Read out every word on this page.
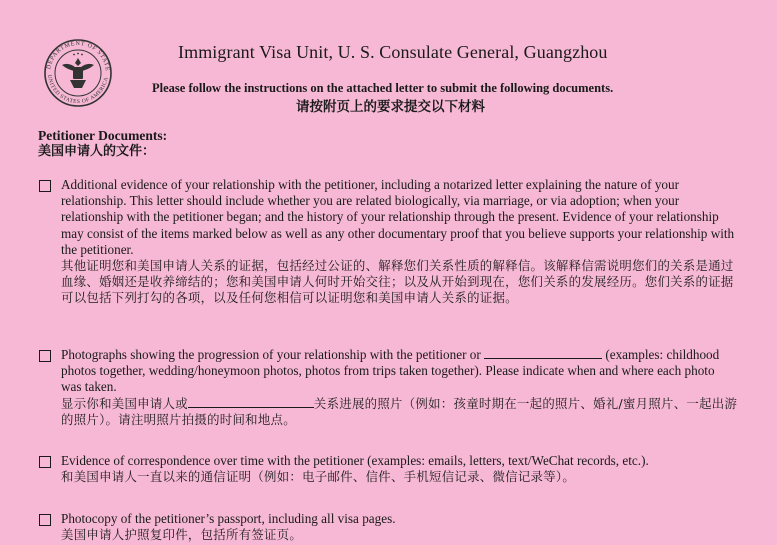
DEPARTMENT OF STATE
UNITED STATES OF AMERICA
Immigrant Visa Unit, U. S. Consulate General, Guangzhou
Please follow the instructions on the attached letter to submit the following documents.
请按附页上的要求提交以下材料
Petitioner Documents:
美国申请人的文件：
Additional evidence of your relationship with the petitioner, including a notarized letter explaining the nature of your relationship. This letter should include whether you are related biologically, via marriage, or via adoption; when your relationship with the petitioner began; and the history of your relationship through the present. Evidence of your relationship may consist of the items marked below as well as any other documentary proof that you believe supports your relationship with the petitioner.
其他证明您和美国申请人关系的证据，包括经过公证的、解释您们关系性质的解释信。该解释信需说明您们的关系是通过血缘、婚姻还是收养缔结的；您和美国申请人何时开始交往；以及从开始到现在，您们关系的发展经历。您们关系的证据可以包括下列打勾的各项，以及任何您相信可以证明您和美国申请人关系的证据。
Photographs showing the progression of your relationship with the petitioner or	(examples: childhood photos together, wedding/honeymoon photos, photos from trips taken together). Please indicate when and where each photo was taken.
显示你和美国申请人或	关系进展的照片（例如：孩童时期在一起的照片、婚礼/蜜月照片、一起出游的照片）。请注明照片拍摄的时间和地点。
Evidence of correspondence over time with the petitioner (examples: emails, letters, text/WeChat records, etc.).
和美国申请人一直以来的通信证明（例如：电子邮件、信件、手机短信记录、微信记录等）。
Photocopy of the petitioner’s passport, including all visa pages.
美国申请人护照复印件，包括所有签证页。
